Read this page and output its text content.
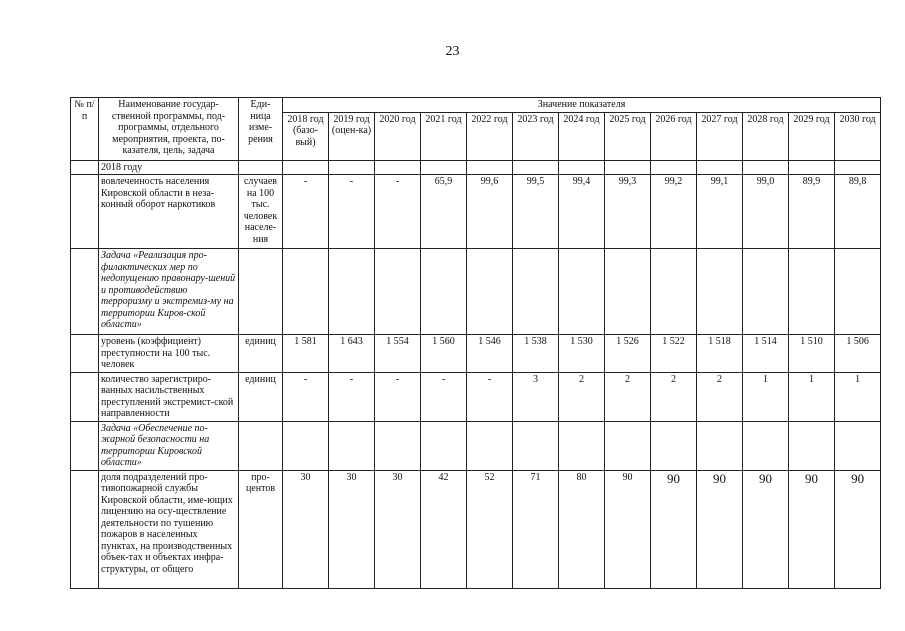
23
№ п/п	Наименование государ-ственной программы, под-программы, отдельного мероприятия, проекта, по-казателя, цель, задача	Еди-ница изме-рения	Значение показателя												
			2018 год (базо-вый)	2019 год (оцен-ка)	2020 год	2021 год	2022 год	2023 год	2024 год	2025 год	2026 год	2027 год	2028 год	2029 год	2030 год
	2018 году														
	вовлеченность населения Кировской области в неза-конный оборот наркотиков	случаев на 100 тыс. человек населе-ния	-	-	-	65,9	99,6	99,5	99,4	99,3	99,2	99,1	99,0	89,9	89,8
	Задача «Реализация про-филактических мер по недопущению правонару-шений и противодействию терроризму и экстремиз-му на территории Киров-ской области»														
	уровень (коэффициент) преступности на 100 тыс. человек	единиц	1 581	1 643	1 554	1 560	1 546	1 538	1 530	1 526	1 522	1 518	1 514	1 510	1 506
	количество зарегистриро-ванных насильственных преступлений экстремист-ской направленности	единиц	-	-	-	-	-	3	2	2	2	2	1	1	1
	Задача «Обеспечение по-жарной безопасности на территории Кировской области»														
	доля подразделений про-тивопожарной службы Кировской области, име-ющих лицензию на осу-ществление деятельности по тушению пожаров в населенных пунктах, на производственных объек-тах и объектах инфра-структуры, от общего	про-центов	30	30	30	42	52	71	80	90	90	90	90	90	90
